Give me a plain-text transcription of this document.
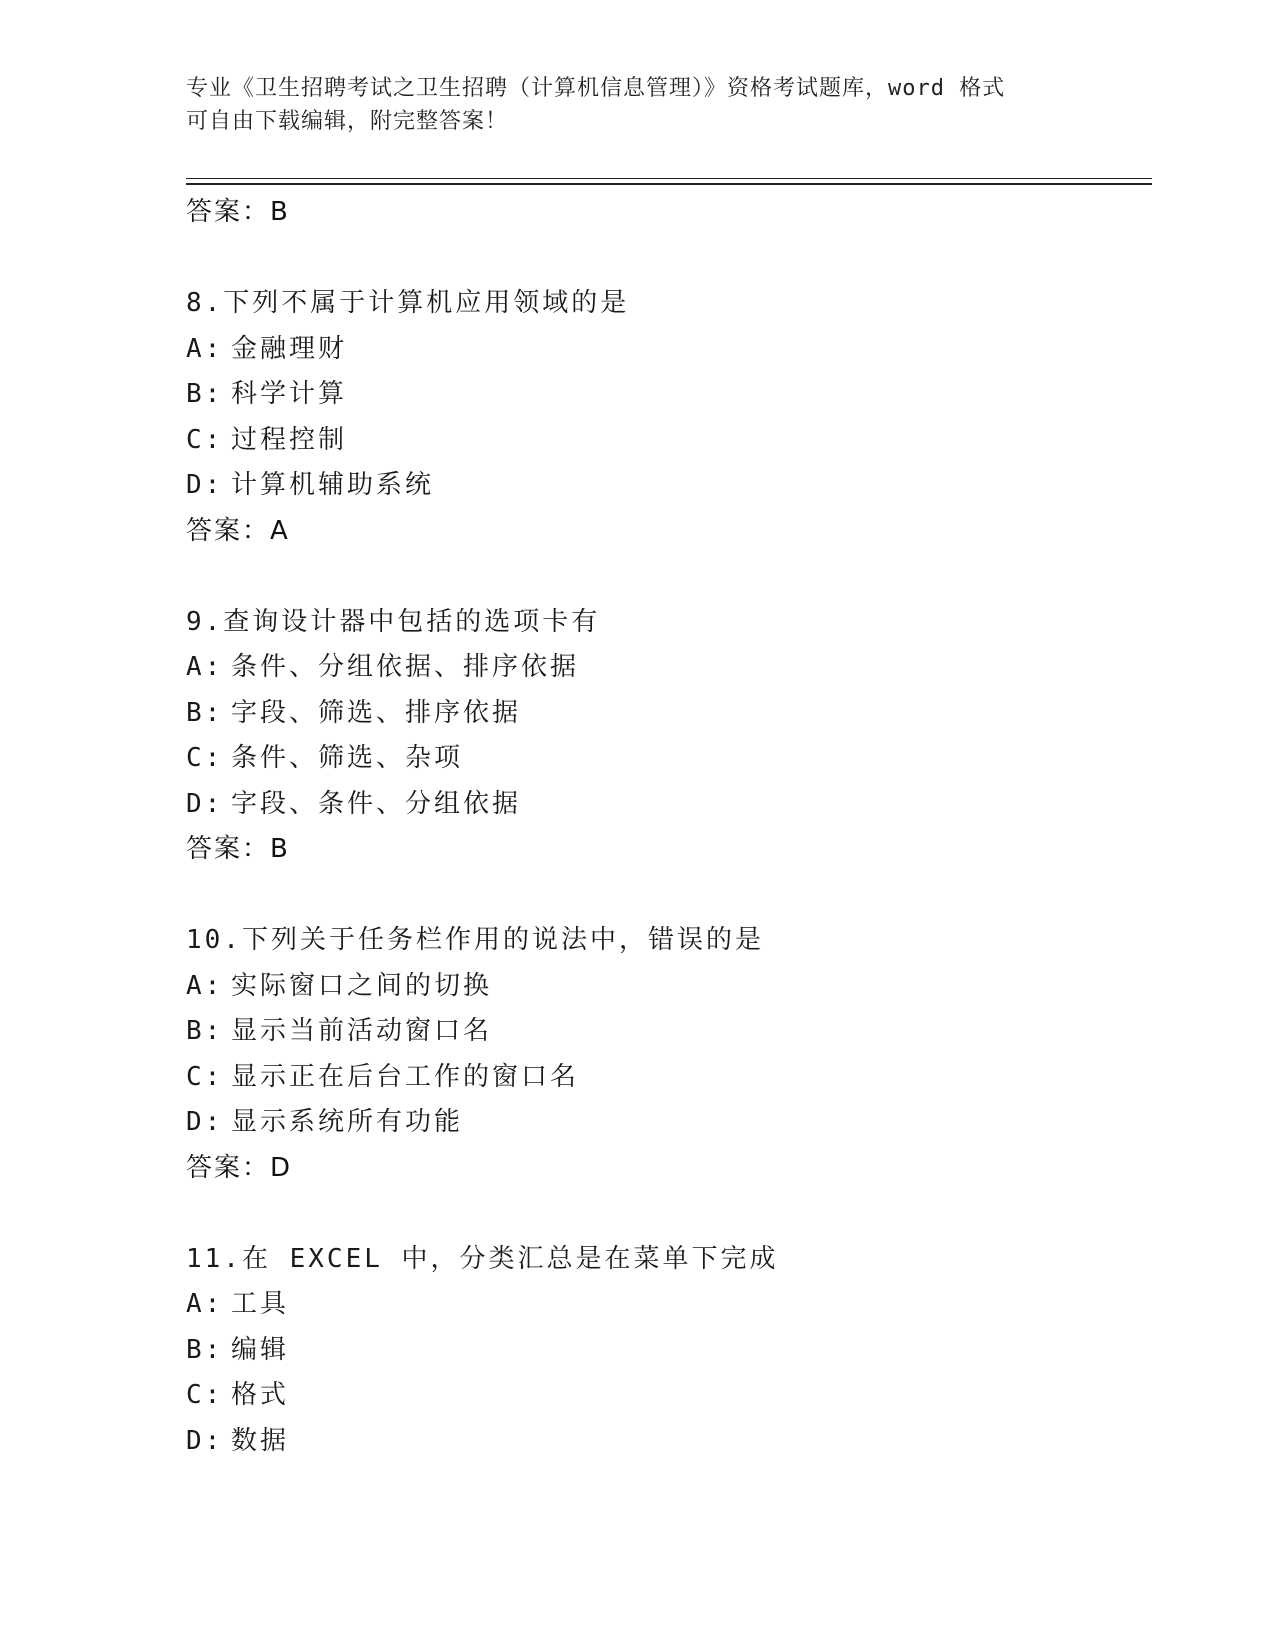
专业《卫生招聘考试之卫生招聘（计算机信息管理）》资格考试题库，word 格式
可自由下载编辑，附完整答案！
答案：B
8.下列不属于计算机应用领域的是
A: 金融理财
B: 科学计算
C: 过程控制
D: 计算机辅助系统
答案：A
9.查询设计器中包括的选项卡有
A: 条件、分组依据、排序依据
B: 字段、筛选、排序依据
C: 条件、筛选、杂项
D: 字段、条件、分组依据
答案：B
10.下列关于任务栏作用的说法中，错误的是
A: 实际窗口之间的切换
B: 显示当前活动窗口名
C: 显示正在后台工作的窗口名
D: 显示系统所有功能
答案：D
11.在 EXCEL 中，分类汇总是在菜单下完成
A: 工具
B: 编辑
C: 格式
D: 数据
